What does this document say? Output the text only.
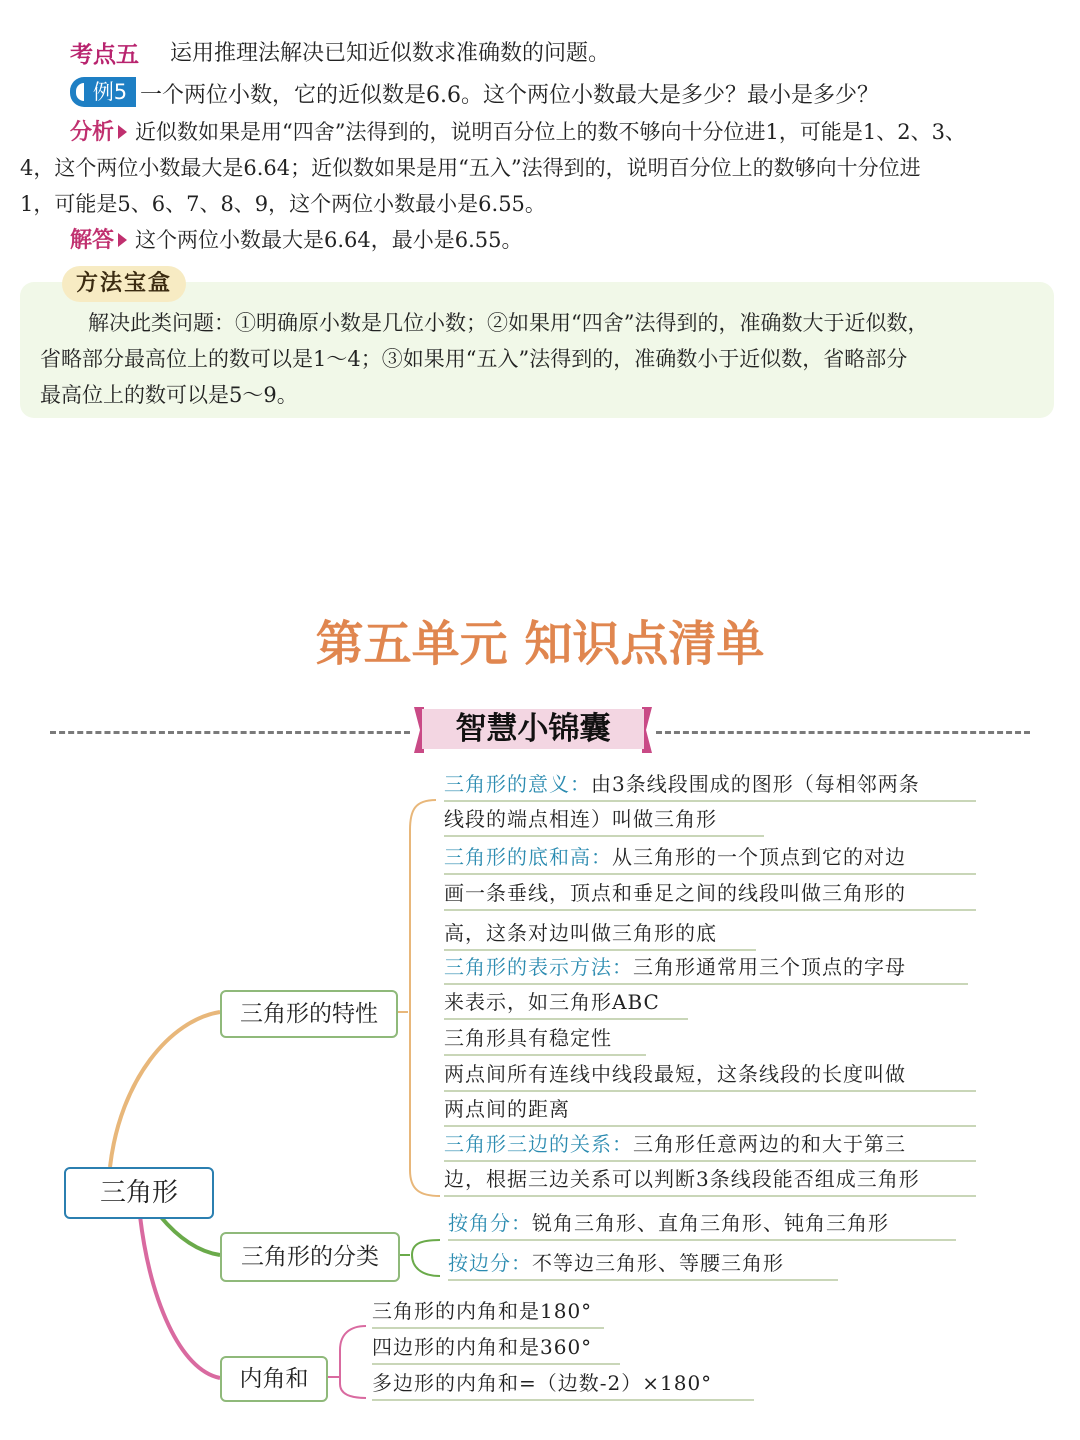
考点五 运用推理法解决已知近似数求准确数的问题。
例5 一个两位小数，它的近似数是6.6。这个两位小数最大是多少？最小是多少？
分析 近似数如果是用“四舍”法得到的，说明百分位上的数不够向十分位进1，可能是1、2、3、
4，这个两位小数最大是6.64；近似数如果是用“五入”法得到的，说明百分位上的数够向十分位进
1，可能是5、6、7、8、9，这个两位小数最小是6.55。
解答 这个两位小数最大是6.64，最小是6.55。
方法宝盒
解决此类问题：①明确原小数是几位小数；②如果用“四舍”法得到的，准确数大于近似数，
省略部分最高位上的数可以是1～4；③如果用“五入”法得到的，准确数小于近似数，省略部分
最高位上的数可以是5～9。
第五单元 知识点清单
智慧小锦囊
三角形
三角形的特性
三角形的分类
内角和
三角形的意义：由3条线段围成的图形（每相邻两条
线段的端点相连）叫做三角形
三角形的底和高：从三角形的一个顶点到它的对边
画一条垂线，顶点和垂足之间的线段叫做三角形的
高，这条对边叫做三角形的底
三角形的表示方法：三角形通常用三个顶点的字母
来表示，如三角形ABC
三角形具有稳定性
两点间所有连线中线段最短，这条线段的长度叫做
两点间的距离
三角形三边的关系：三角形任意两边的和大于第三
边，根据三边关系可以判断3条线段能否组成三角形
按角分：锐角三角形、直角三角形、钝角三角形
按边分：不等边三角形、等腰三角形
三角形的内角和是180°
四边形的内角和是360°
多边形的内角和=（边数-2）×180°
